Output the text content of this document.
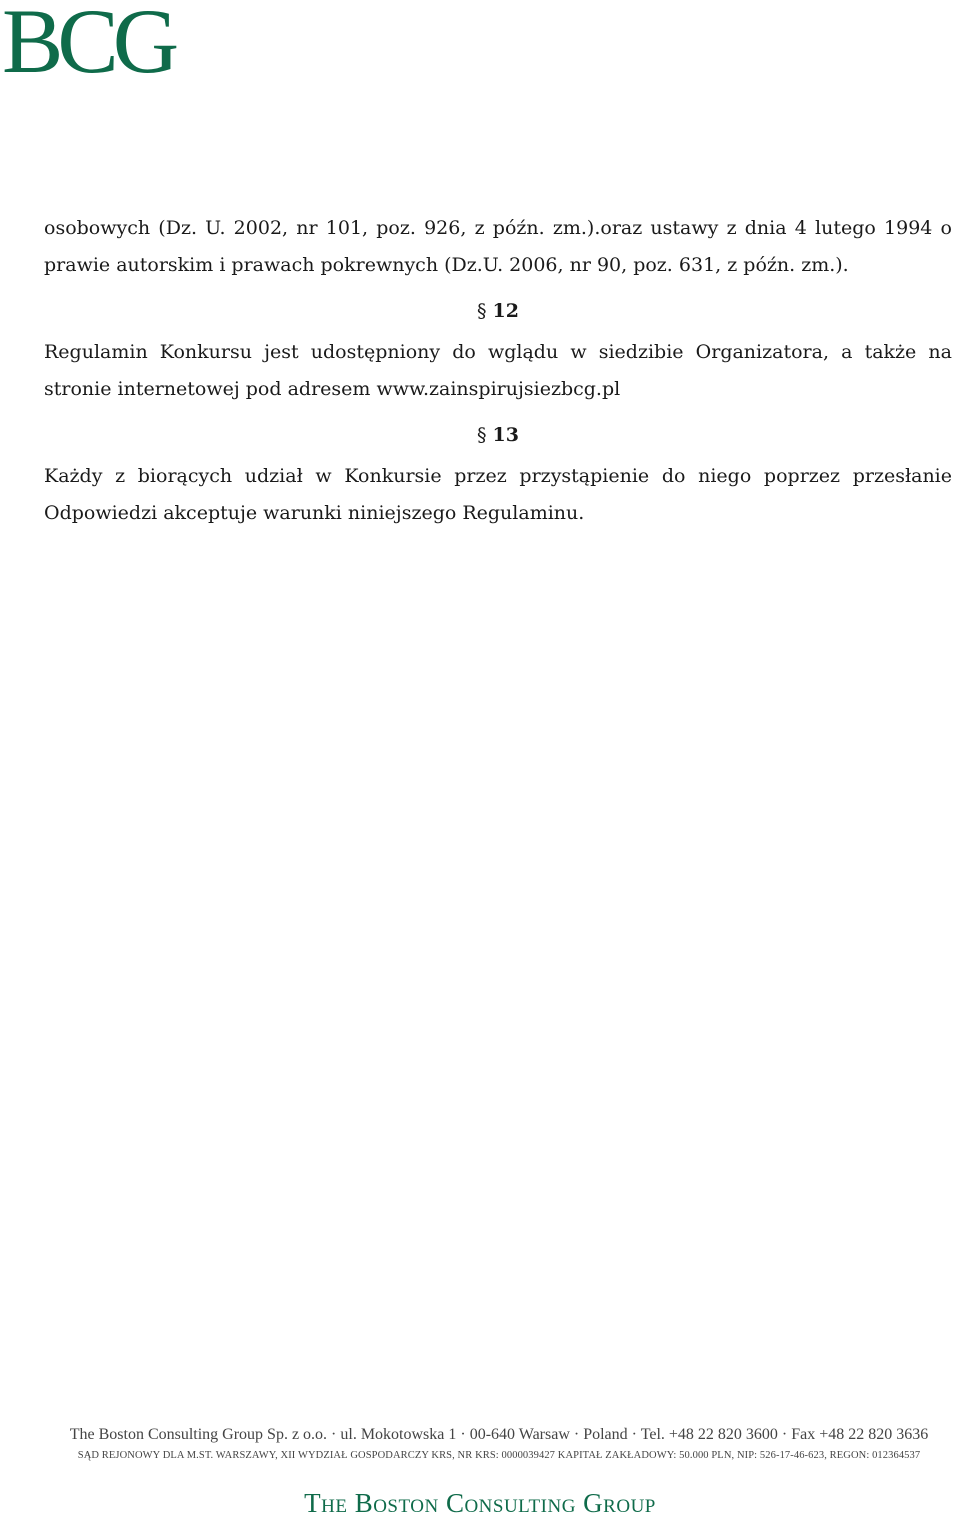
BCG

osobowych (Dz. U. 2002, nr 101, poz. 926, z późn. zm.).oraz ustawy z dnia 4 lutego 1994 o
prawie autorskim i prawach pokrewnych (Dz.U. 2006, nr 90, poz. 631, z późn. zm.).

§ 12

Regulamin Konkursu jest udostępniony do wglądu w siedzibie Organizatora, a także na stronie internetowej pod adresem www.zainspirujsiezbcg.pl

§ 13

Każdy z biorących udział w Konkursie przez przystąpienie do niego poprzez przesłanie Odpowiedzi akceptuje warunki niniejszego Regulaminu.

The Boston Consulting Group Sp. z o.o. · ul. Mokotowska 1 · 00-640 Warsaw · Poland · Tel. +48 22 820 3600 · Fax +48 22 820 3636
SĄD REJONOWY DLA M.ST. WARSZAWY, XII WYDZIAŁ GOSPODARCZY KRS, NR KRS: 0000039427 KAPITAŁ ZAKŁADOWY: 50.000 PLN, NIP: 526-17-46-623, REGON: 012364537
The Boston Consulting Group
